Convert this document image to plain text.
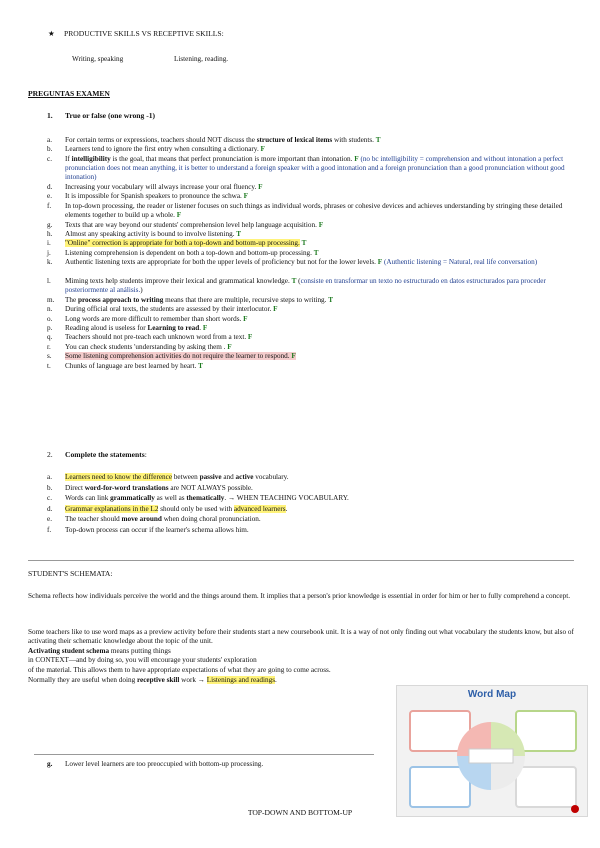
★ PRODUCTIVE SKILLS VS RECEPTIVE SKILLS:
Writing, speaking	Listening, reading.
PREGUNTAS EXAMEN
1. True or false (one wrong -1)
a.	For certain terms or expressions, teachers should NOT discuss the structure of lexical items with students. T
b.	Learners tend to ignore the first entry when consulting a dictionary. F
c.	If intelligibility is the goal, that means that perfect pronunciation is more important than intonation. F (no bc intelligibility = comprehension and without intonation a perfect pronunciation does not mean anything, it is better to understand a foreign speaker with a good intonation and a foreign pronunciation than a good pronunciation without good intonation)
d.	Increasing your vocabulary will always increase your oral fluency. F
e.	It is impossible for Spanish speakers to pronounce the schwa. F
f.	In top-down processing, the reader or listener focuses on such things as individual words, phrases or cohesive devices and achieves understanding by stringing these detailed elements together to build up a whole. F
g.	Texts that are way beyond our students' comprehension level help language acquisition. F
h.	Almost any speaking activity is bound to involve listening. T
i.	"Online" correction is appropriate for both a top-down and bottom-up processing. T
j.	Listening comprehension is dependent on both a top-down and bottom-up processing. T
k.	Authentic listening texts are appropriate for both the upper levels of proficiency but not for the lower levels. F (Authentic listening = Natural, real life conversation)
l.	Miming texts help students improve their lexical and grammatical knowledge. T (consiste en transformar un texto no estructurado en datos estructurados para proceder posteriormente al análisis.)
m.	The process approach to writing means that there are multiple, recursive steps to writing. T
n.	During official oral texts, the students are assessed by their interlocutor. F
o.	Long words are more difficult to remember than short words. F
p.	Reading aloud is useless for Learning to read. F
q.	Teachers should not pre-teach each unknown word from a text. F
r.	You can check students 'understanding by asking them . F
s.	Some listening comprehension activities do not require the learner to respond. F
t.	Chunks of language are best learned by heart. T
2. Complete the statements:
a.	Learners need to know the difference between passive and active vocabulary.
b.	Direct word-for-word translations are NOT ALWAYS possible.
c.	Words can link grammatically as well as thematically. → WHEN TEACHING VOCABULARY.
d.	Grammar explanations in the L2 should only be used with advanced learners.
e.	The teacher should move around when doing choral pronunciation.
f.	Top-down process can occur if the learner's schema allows him.
STUDENT'S SCHEMATA:
Schema reflects how individuals perceive the world and the things around them. It implies that a person's prior knowledge is essential in order for him or her to fully comprehend a concept.
Some teachers like to use word maps as a preview activity before their students start a new coursebook unit. It is a way of not only finding out what vocabulary the students know, but also of activating their schematic knowledge about the topic of the unit.
Activating student schema means putting things
in CONTEXT—and by doing so, you will encourage your students' exploration
of the material. This allows them to have appropriate expectations of what they are going to come across.
Normally they are useful when doing receptive skill work → Listenings and readings.
Word Map
g. Lower level learners are too preoccupied with bottom-up processing.
TOP-DOWN AND BOTTOM-UP
